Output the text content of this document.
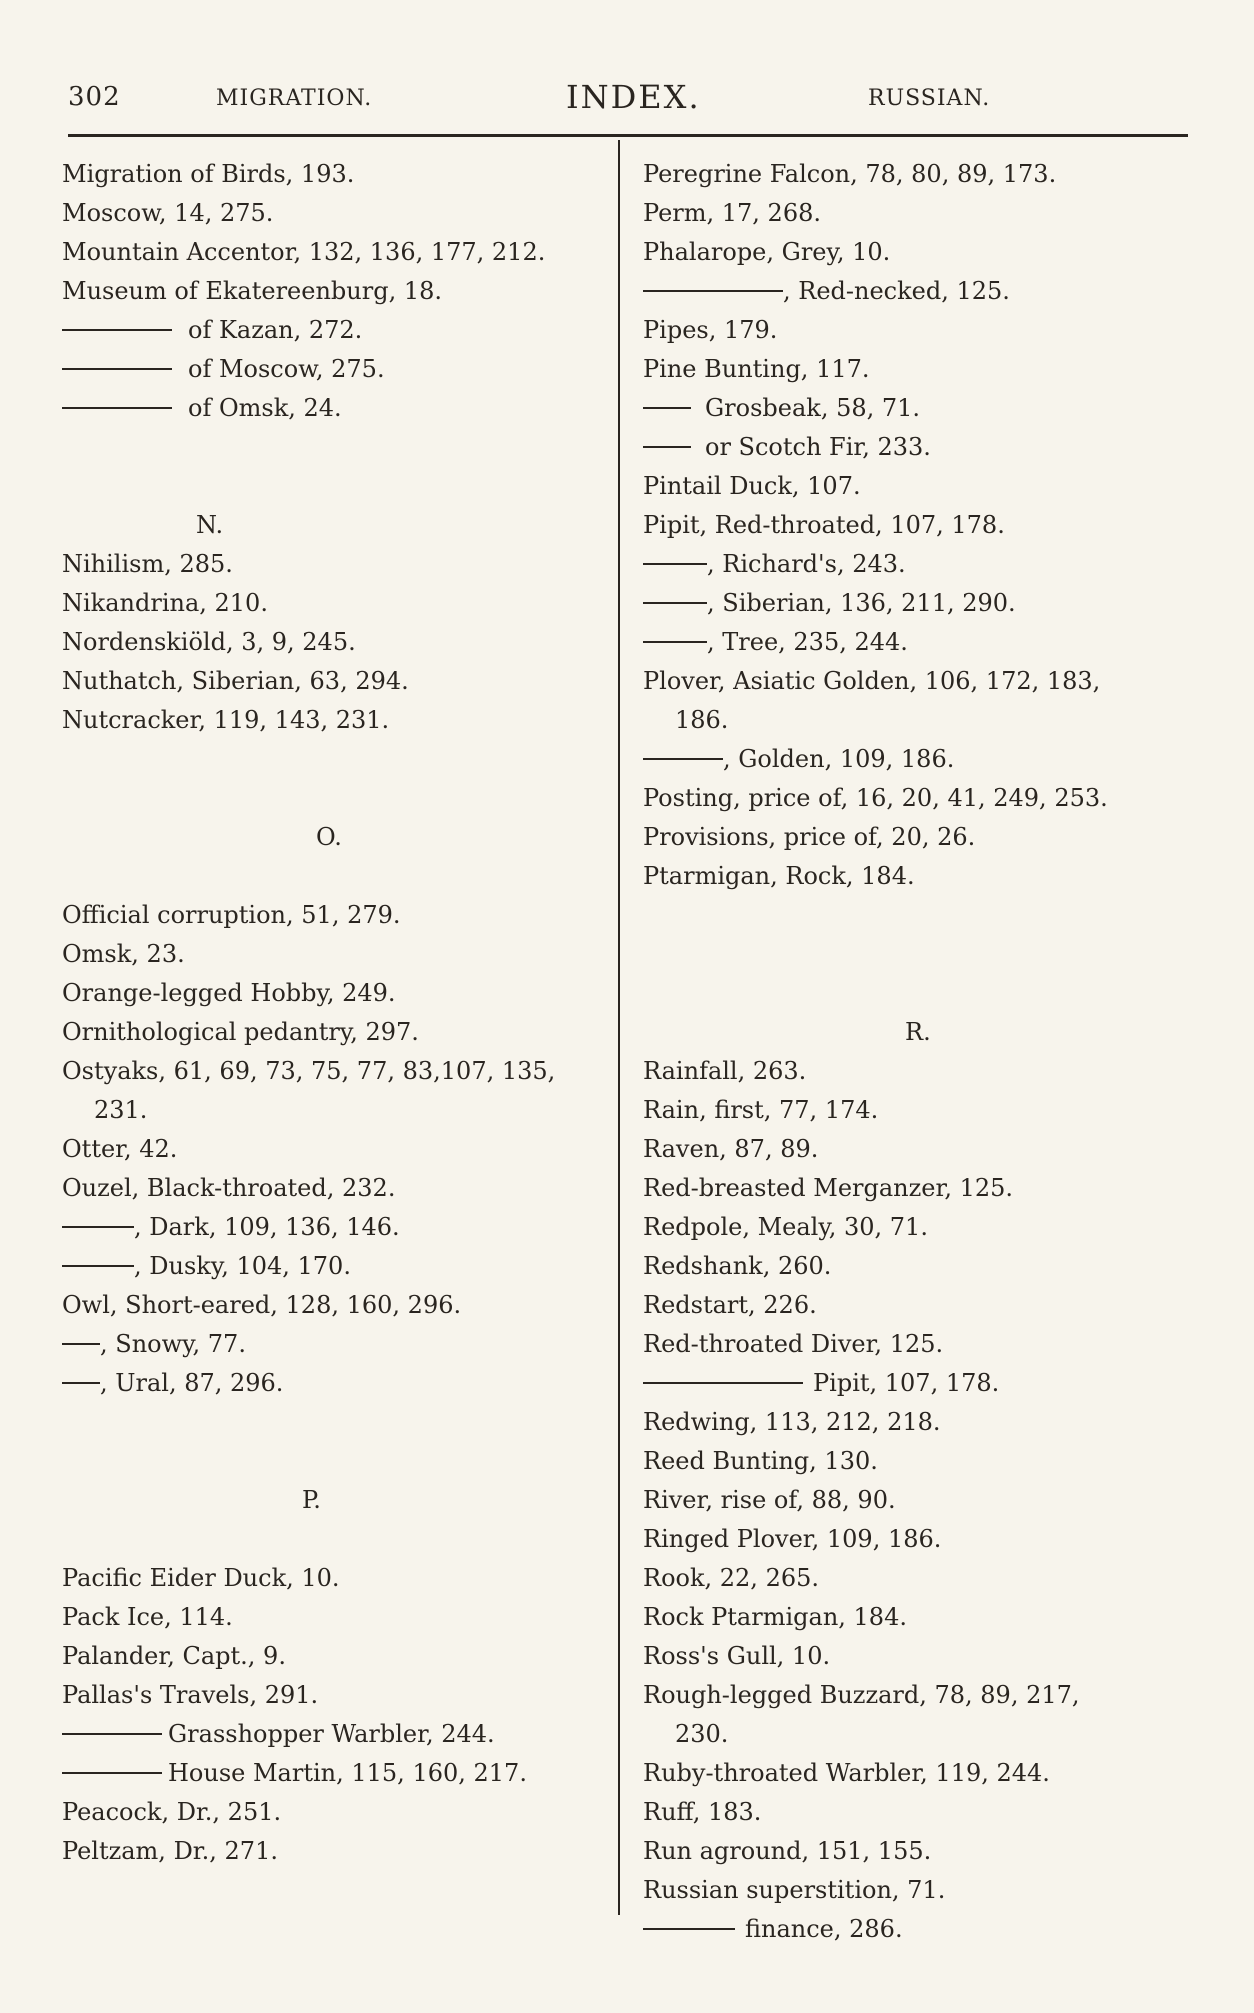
302	MIGRATION.	INDEX.	RUSSIAN.
Migration of Birds, 193.
Moscow, 14, 275.
Mountain Accentor, 132, 136, 177, 212.
Museum of Ekatereenburg, 18.
of Kazan, 272.
of Moscow, 275.
of Omsk, 24.
N.
Nihilism, 285.
Nikandrina, 210.
Nordenskiöld, 3, 9, 245.
Nuthatch, Siberian, 63, 294.
Nutcracker, 119, 143, 231.
O.
Official corruption, 51, 279.
Omsk, 23.
Orange-legged Hobby, 249.
Ornithological pedantry, 297.
Ostyaks, 61, 69, 73, 75, 77, 83,107, 135,
231.
Otter, 42.
Ouzel, Black-throated, 232.
, Dark, 109, 136, 146.
, Dusky, 104, 170.
Owl, Short-eared, 128, 160, 296.
, Snowy, 77.
, Ural, 87, 296.
P.
Pacific Eider Duck, 10.
Pack Ice, 114.
Palander, Capt., 9.
Pallas's Travels, 291.
Grasshopper Warbler, 244.
House Martin, 115, 160, 217.
Peacock, Dr., 251.
Peltzam, Dr., 271.
Peregrine Falcon, 78, 80, 89, 173.
Perm, 17, 268.
Phalarope, Grey, 10.
, Red-necked, 125.
Pipes, 179.
Pine Bunting, 117.
Grosbeak, 58, 71.
or Scotch Fir, 233.
Pintail Duck, 107.
Pipit, Red-throated, 107, 178.
, Richard's, 243.
, Siberian, 136, 211, 290.
, Tree, 235, 244.
Plover, Asiatic Golden, 106, 172, 183,
186.
, Golden, 109, 186.
Posting, price of, 16, 20, 41, 249, 253.
Provisions, price of, 20, 26.
Ptarmigan, Rock, 184.
R.
Rainfall, 263.
Rain, first, 77, 174.
Raven, 87, 89.
Red-breasted Merganzer, 125.
Redpole, Mealy, 30, 71.
Redshank, 260.
Redstart, 226.
Red-throated Diver, 125.
Pipit, 107, 178.
Redwing, 113, 212, 218.
Reed Bunting, 130.
River, rise of, 88, 90.
Ringed Plover, 109, 186.
Rook, 22, 265.
Rock Ptarmigan, 184.
Ross's Gull, 10.
Rough-legged Buzzard, 78, 89, 217,
230.
Ruby-throated Warbler, 119, 244.
Ruff, 183.
Run aground, 151, 155.
Russian superstition, 71.
finance, 286.
